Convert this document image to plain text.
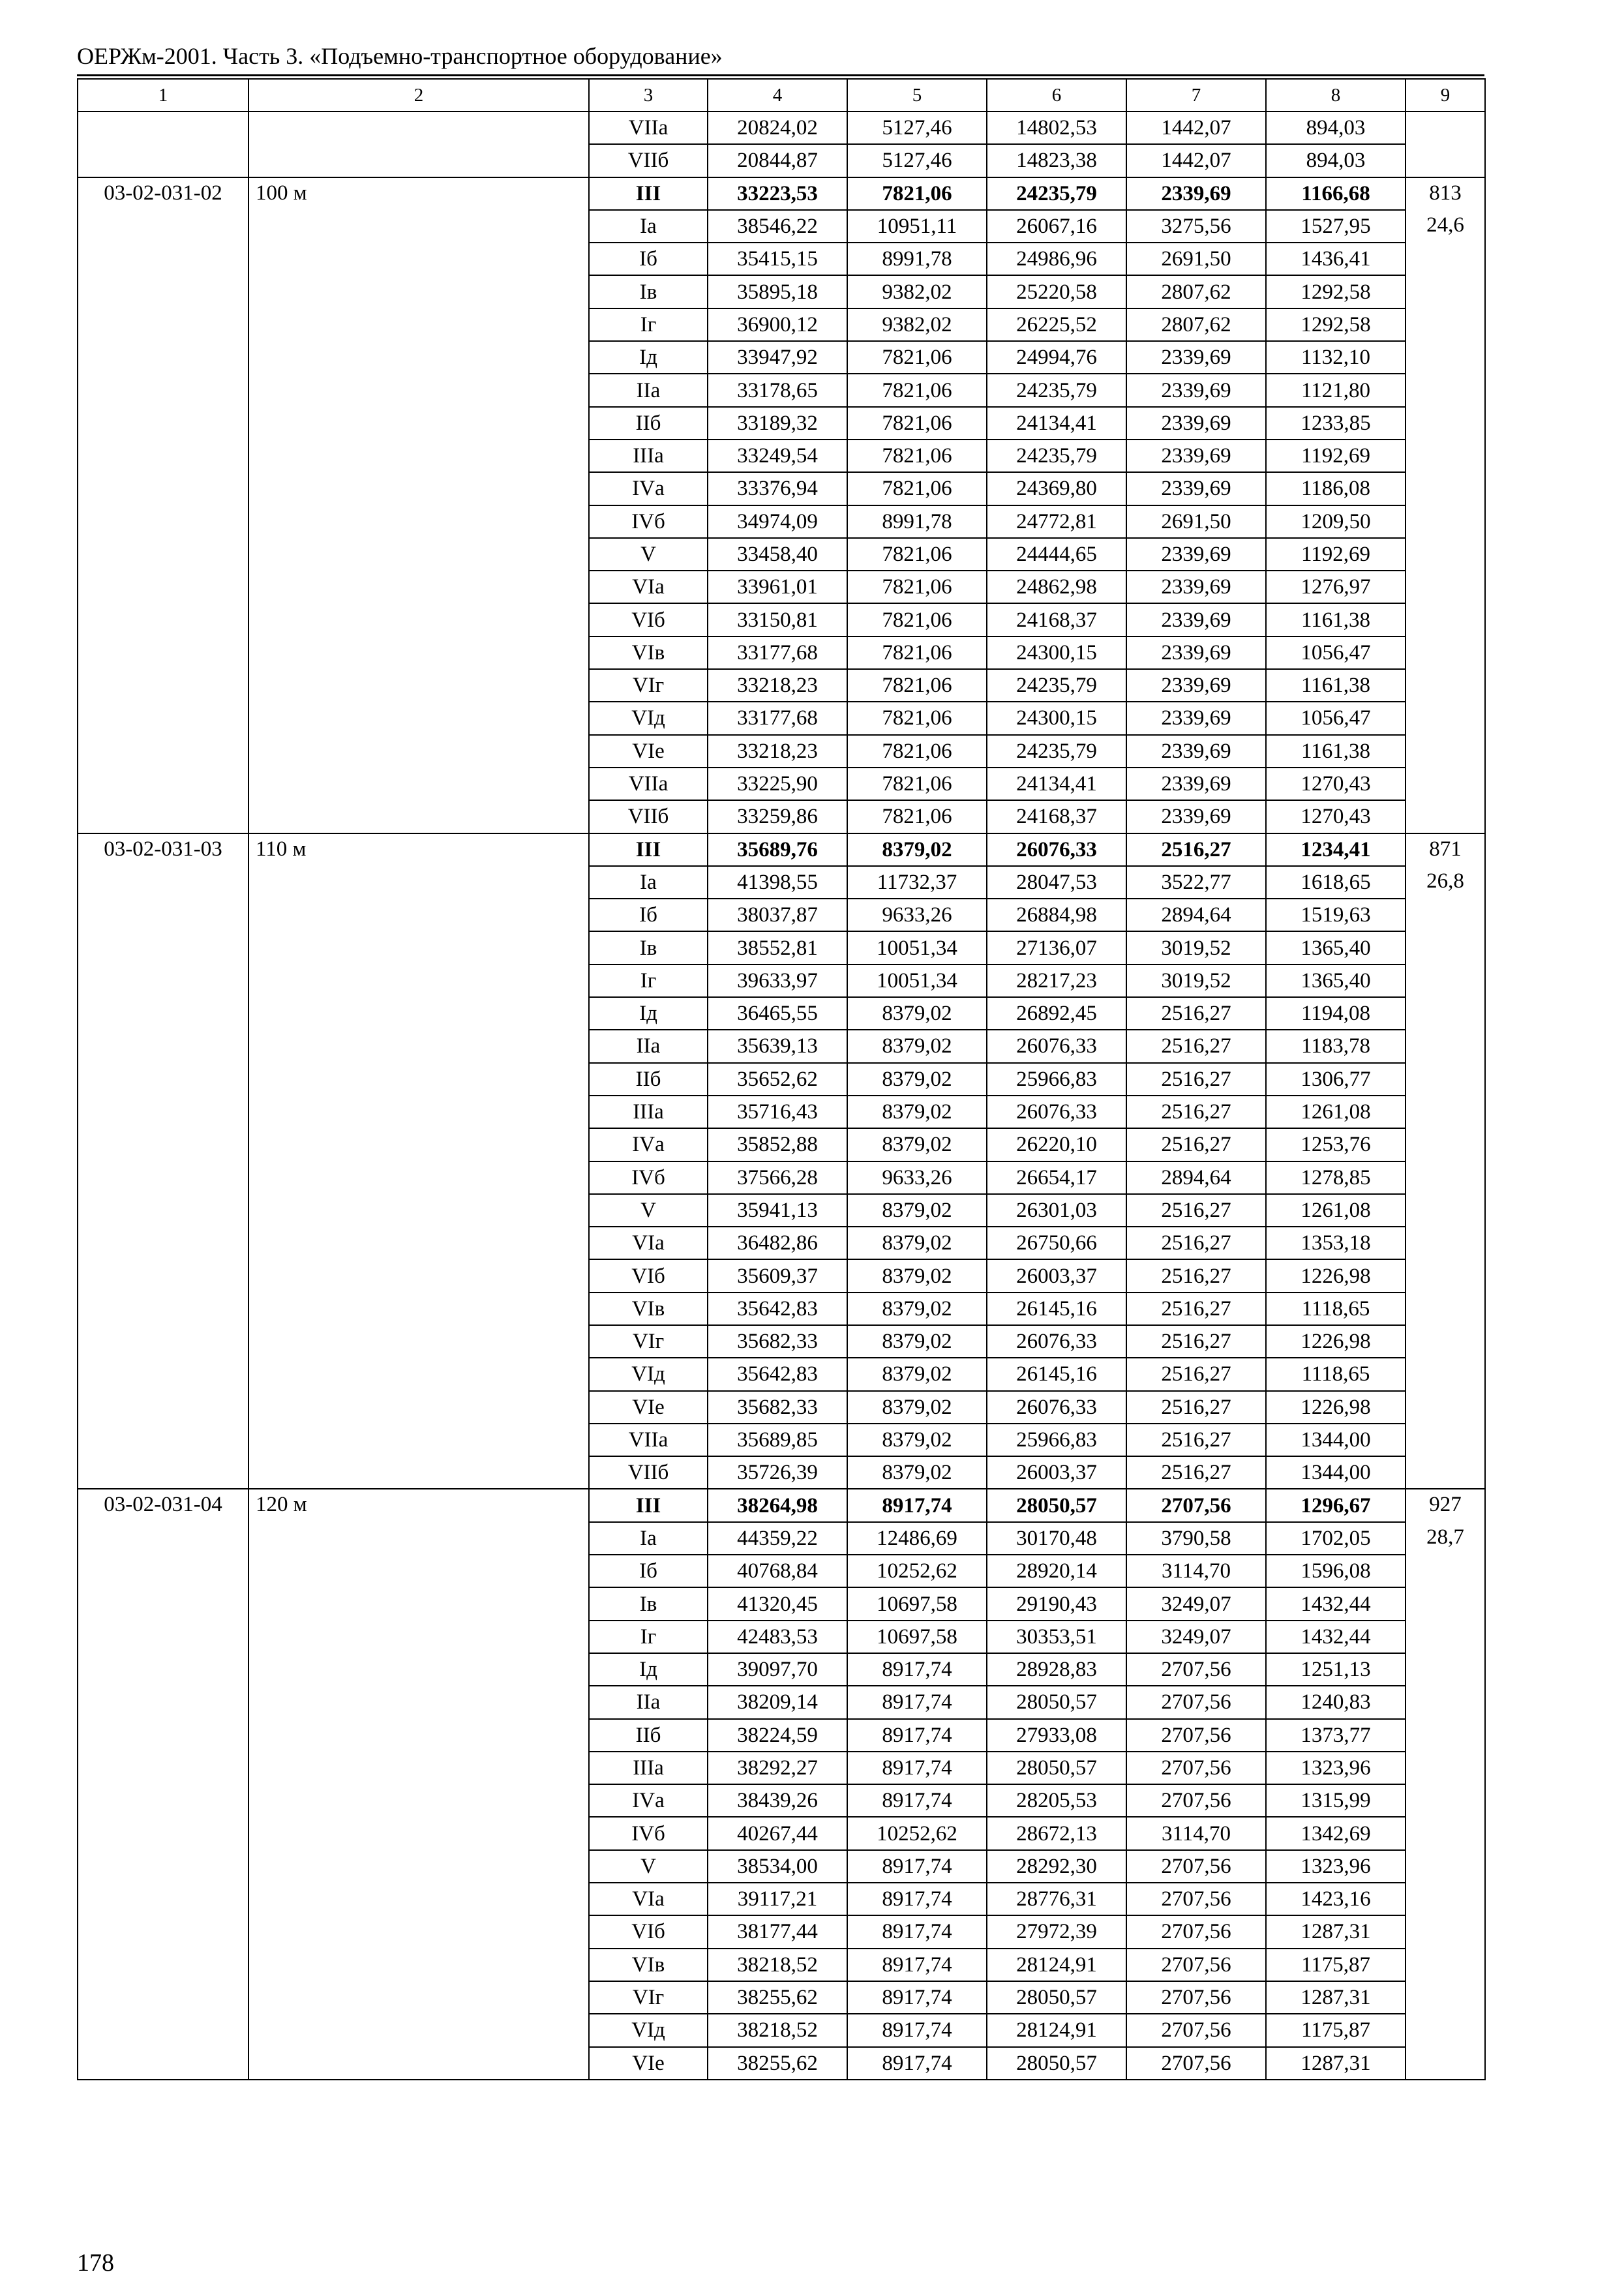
ОЕРЖм-2001. Часть 3. «Подъемно-транспортное оборудование»
1	2	3	4	5	6	7	8	9
		VIIа	20824,02	5127,46	14802,53	1442,07	894,03	
		VIIб	20844,87	5127,46	14823,38	1442,07	894,03	
03-02-031-02	100 м	III	33223,53	7821,06	24235,79	2339,69	1166,68	813
		Iа	38546,22	10951,11	26067,16	3275,56	1527,95	24,6
		Iб	35415,15	8991,78	24986,96	2691,50	1436,41	
		Iв	35895,18	9382,02	25220,58	2807,62	1292,58	
		Iг	36900,12	9382,02	26225,52	2807,62	1292,58	
		Iд	33947,92	7821,06	24994,76	2339,69	1132,10	
		IIа	33178,65	7821,06	24235,79	2339,69	1121,80	
		IIб	33189,32	7821,06	24134,41	2339,69	1233,85	
		IIIа	33249,54	7821,06	24235,79	2339,69	1192,69	
		IVа	33376,94	7821,06	24369,80	2339,69	1186,08	
		IVб	34974,09	8991,78	24772,81	2691,50	1209,50	
		V	33458,40	7821,06	24444,65	2339,69	1192,69	
		VIа	33961,01	7821,06	24862,98	2339,69	1276,97	
		VIб	33150,81	7821,06	24168,37	2339,69	1161,38	
		VIв	33177,68	7821,06	24300,15	2339,69	1056,47	
		VIг	33218,23	7821,06	24235,79	2339,69	1161,38	
		VIд	33177,68	7821,06	24300,15	2339,69	1056,47	
		VIе	33218,23	7821,06	24235,79	2339,69	1161,38	
		VIIа	33225,90	7821,06	24134,41	2339,69	1270,43	
		VIIб	33259,86	7821,06	24168,37	2339,69	1270,43	
03-02-031-03	110 м	III	35689,76	8379,02	26076,33	2516,27	1234,41	871
		Iа	41398,55	11732,37	28047,53	3522,77	1618,65	26,8
		Iб	38037,87	9633,26	26884,98	2894,64	1519,63	
		Iв	38552,81	10051,34	27136,07	3019,52	1365,40	
		Iг	39633,97	10051,34	28217,23	3019,52	1365,40	
		Iд	36465,55	8379,02	26892,45	2516,27	1194,08	
		IIа	35639,13	8379,02	26076,33	2516,27	1183,78	
		IIб	35652,62	8379,02	25966,83	2516,27	1306,77	
		IIIа	35716,43	8379,02	26076,33	2516,27	1261,08	
		IVа	35852,88	8379,02	26220,10	2516,27	1253,76	
		IVб	37566,28	9633,26	26654,17	2894,64	1278,85	
		V	35941,13	8379,02	26301,03	2516,27	1261,08	
		VIа	36482,86	8379,02	26750,66	2516,27	1353,18	
		VIб	35609,37	8379,02	26003,37	2516,27	1226,98	
		VIв	35642,83	8379,02	26145,16	2516,27	1118,65	
		VIг	35682,33	8379,02	26076,33	2516,27	1226,98	
		VIд	35642,83	8379,02	26145,16	2516,27	1118,65	
		VIе	35682,33	8379,02	26076,33	2516,27	1226,98	
		VIIа	35689,85	8379,02	25966,83	2516,27	1344,00	
		VIIб	35726,39	8379,02	26003,37	2516,27	1344,00	
03-02-031-04	120 м	III	38264,98	8917,74	28050,57	2707,56	1296,67	927
		Iа	44359,22	12486,69	30170,48	3790,58	1702,05	28,7
		Iб	40768,84	10252,62	28920,14	3114,70	1596,08	
		Iв	41320,45	10697,58	29190,43	3249,07	1432,44	
		Iг	42483,53	10697,58	30353,51	3249,07	1432,44	
		Iд	39097,70	8917,74	28928,83	2707,56	1251,13	
		IIа	38209,14	8917,74	28050,57	2707,56	1240,83	
		IIб	38224,59	8917,74	27933,08	2707,56	1373,77	
		IIIа	38292,27	8917,74	28050,57	2707,56	1323,96	
		IVа	38439,26	8917,74	28205,53	2707,56	1315,99	
		IVб	40267,44	10252,62	28672,13	3114,70	1342,69	
		V	38534,00	8917,74	28292,30	2707,56	1323,96	
		VIа	39117,21	8917,74	28776,31	2707,56	1423,16	
		VIб	38177,44	8917,74	27972,39	2707,56	1287,31	
		VIв	38218,52	8917,74	28124,91	2707,56	1175,87	
		VIг	38255,62	8917,74	28050,57	2707,56	1287,31	
		VIд	38218,52	8917,74	28124,91	2707,56	1175,87	
		VIе	38255,62	8917,74	28050,57	2707,56	1287,31	
178
